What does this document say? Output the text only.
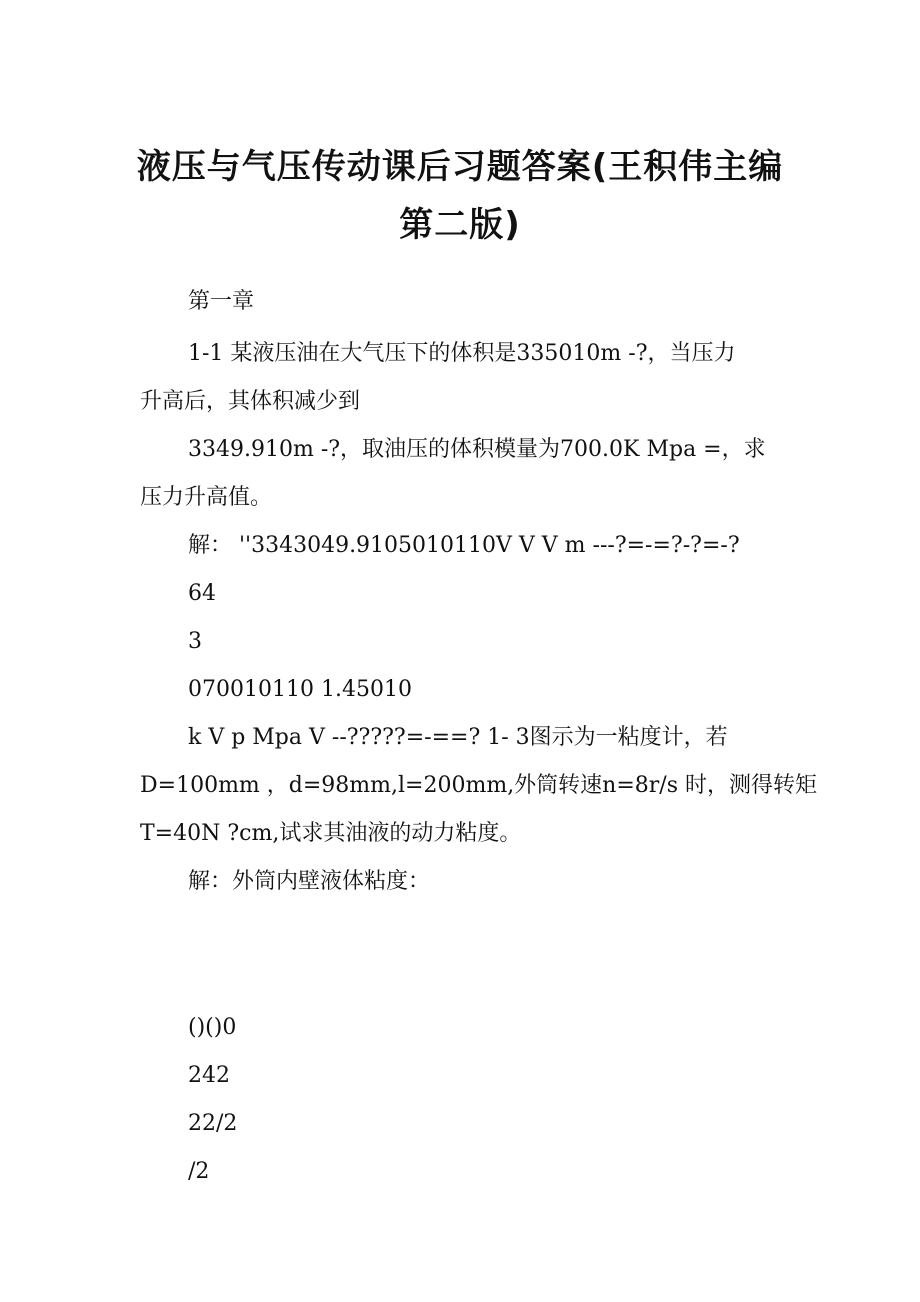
液压与气压传动课后习题答案(王积伟主编
第二版)
第一章
1-1 某液压油在大气压下的体积是335010m -?，当压力
升高后，其体积减少到
3349.910m -?，取油压的体积模量为700.0K Mpa =，求
压力升高值。
解： ''3343049.9105010110V V V m ---?=-=?-?=-?
64
3
070010110 1.45010
k V p Mpa V --?????=-==? 1- 3图示为一粘度计，若
D=100mm ，d=98mm,l=200mm,外筒转速n=8r/s 时，测得转矩
T=40N ?cm,试求其油液的动力粘度。
解：外筒内壁液体粘度：
()()0
242
22/2
/2
